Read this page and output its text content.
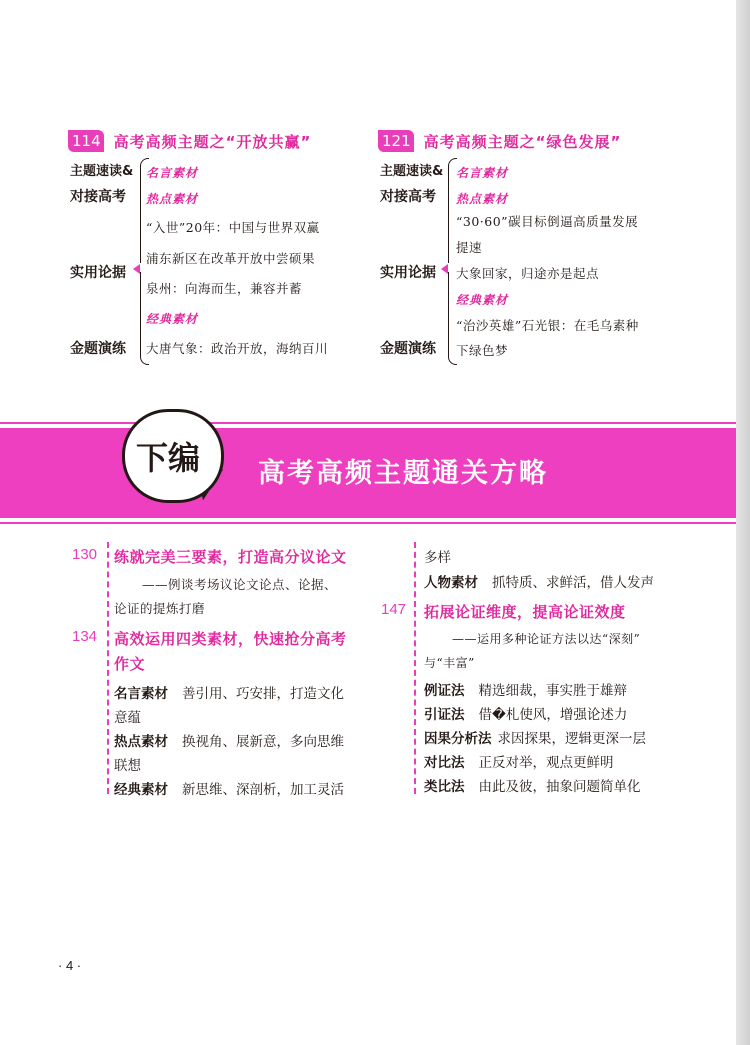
114 高考高频主题之“开放共赢”
主题速读&
对接高考
实用论据
金题演练
名言素材
热点素材
“入世”20年：中国与世界双赢
浦东新区在改革开放中尝硕果
泉州：向海而生，兼容并蓄
经典素材
大唐气象：政治开放，海纳百川
121 高考高频主题之“绿色发展”
主题速读&
对接高考
实用论据
金题演练
名言素材
热点素材
“30·60”碳目标倒逼高质量发展
提速
大象回家，归途亦是起点
经典素材
“治沙英雄”石光银：在毛乌素种
下绿色梦
下编 高考高频主题通关方略
130 练就完美三要素，打造高分议论文
——例谈考场议论文论点、论据、
论证的提炼打磨
134 高效运用四类素材，快速抢分高考
作文
名言素材 善引用、巧安排，打造文化
意蕴
热点素材 换视角、展新意，多向思维
联想
经典素材 新思维、深剖析，加工灵活
多样
人物素材 抓特质、求鲜活，借人发声
147 拓展论证维度，提高论证效度
——运用多种论证方法以达“深刻”
与“丰富”
例证法 精选细裁，事实胜于雄辩
引证法 借�札使风，增强论述力
因果分析法 求因探果，逻辑更深一层
对比法 正反对举，观点更鲜明
类比法 由此及彼，抽象问题简单化
· 4 ·
